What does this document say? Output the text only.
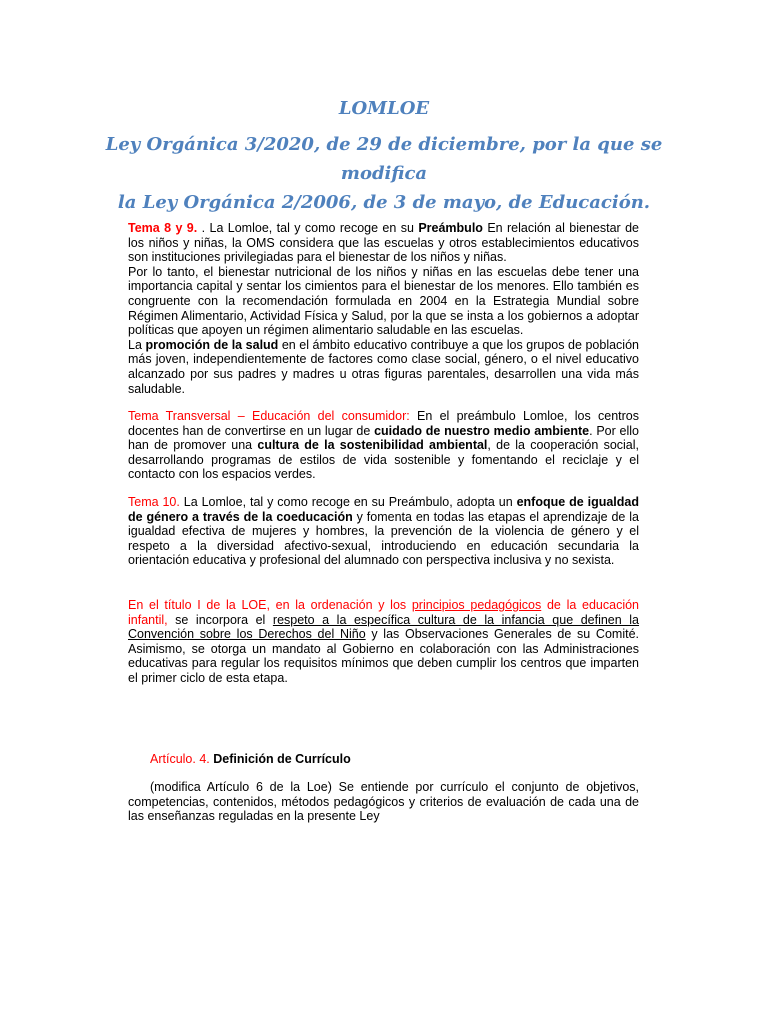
LOMLOE
Ley Orgánica 3/2020, de 29 de diciembre, por la que se modifica
la Ley Orgánica 2/2006, de 3 de mayo, de Educación.

Tema 8 y 9. . La Lomloe, tal y como recoge en su Preámbulo En relación al bienestar de los niños y niñas, la OMS considera que las escuelas y otros establecimientos educativos son instituciones privilegiadas para el bienestar de los niños y niñas.

Por lo tanto, el bienestar nutricional de los niños y niñas en las escuelas debe tener una importancia capital y sentar los cimientos para el bienestar de los menores. Ello también es congruente con la recomendación formulada en 2004 en la Estrategia Mundial sobre Régimen Alimentario, Actividad Física y Salud, por la que se insta a los gobiernos a adoptar políticas que apoyen un régimen alimentario saludable en las escuelas.

La promoción de la salud en el ámbito educativo contribuye a que los grupos de población más joven, independientemente de factores como clase social, género, o el nivel educativo alcanzado por sus padres y madres u otras figuras parentales, desarrollen una vida más saludable.

Tema Transversal – Educación del consumidor: En el preámbulo Lomloe, los centros docentes han de convertirse en un lugar de cuidado de nuestro medio ambiente. Por ello han de promover una cultura de la sostenibilidad ambiental, de la cooperación social, desarrollando programas de estilos de vida sostenible y fomentando el reciclaje y el contacto con los espacios verdes.

Tema 10. La Lomloe, tal y como recoge en su Preámbulo, adopta un enfoque de igualdad de género a través de la coeducación y fomenta en todas las etapas el aprendizaje de la igualdad efectiva de mujeres y hombres, la prevención de la violencia de género y el respeto a la diversidad afectivo-sexual, introduciendo en educación secundaria la orientación educativa y profesional del alumnado con perspectiva inclusiva y no sexista.

En el título I de la LOE, en la ordenación y los principios pedagógicos de la educación infantil, se incorpora el respeto a la específica cultura de la infancia que definen la Convención sobre los Derechos del Niño y las Observaciones Generales de su Comité. Asimismo, se otorga un mandato al Gobierno en colaboración con las Administraciones educativas para regular los requisitos mínimos que deben cumplir los centros que imparten el primer ciclo de esta etapa.

Artículo. 4. Definición de Currículo
(modifica Artículo 6 de la Loe) Se entiende por currículo el conjunto de objetivos, competencias, contenidos, métodos pedagógicos y criterios de evaluación de cada una de las enseñanzas reguladas en la presente Ley
